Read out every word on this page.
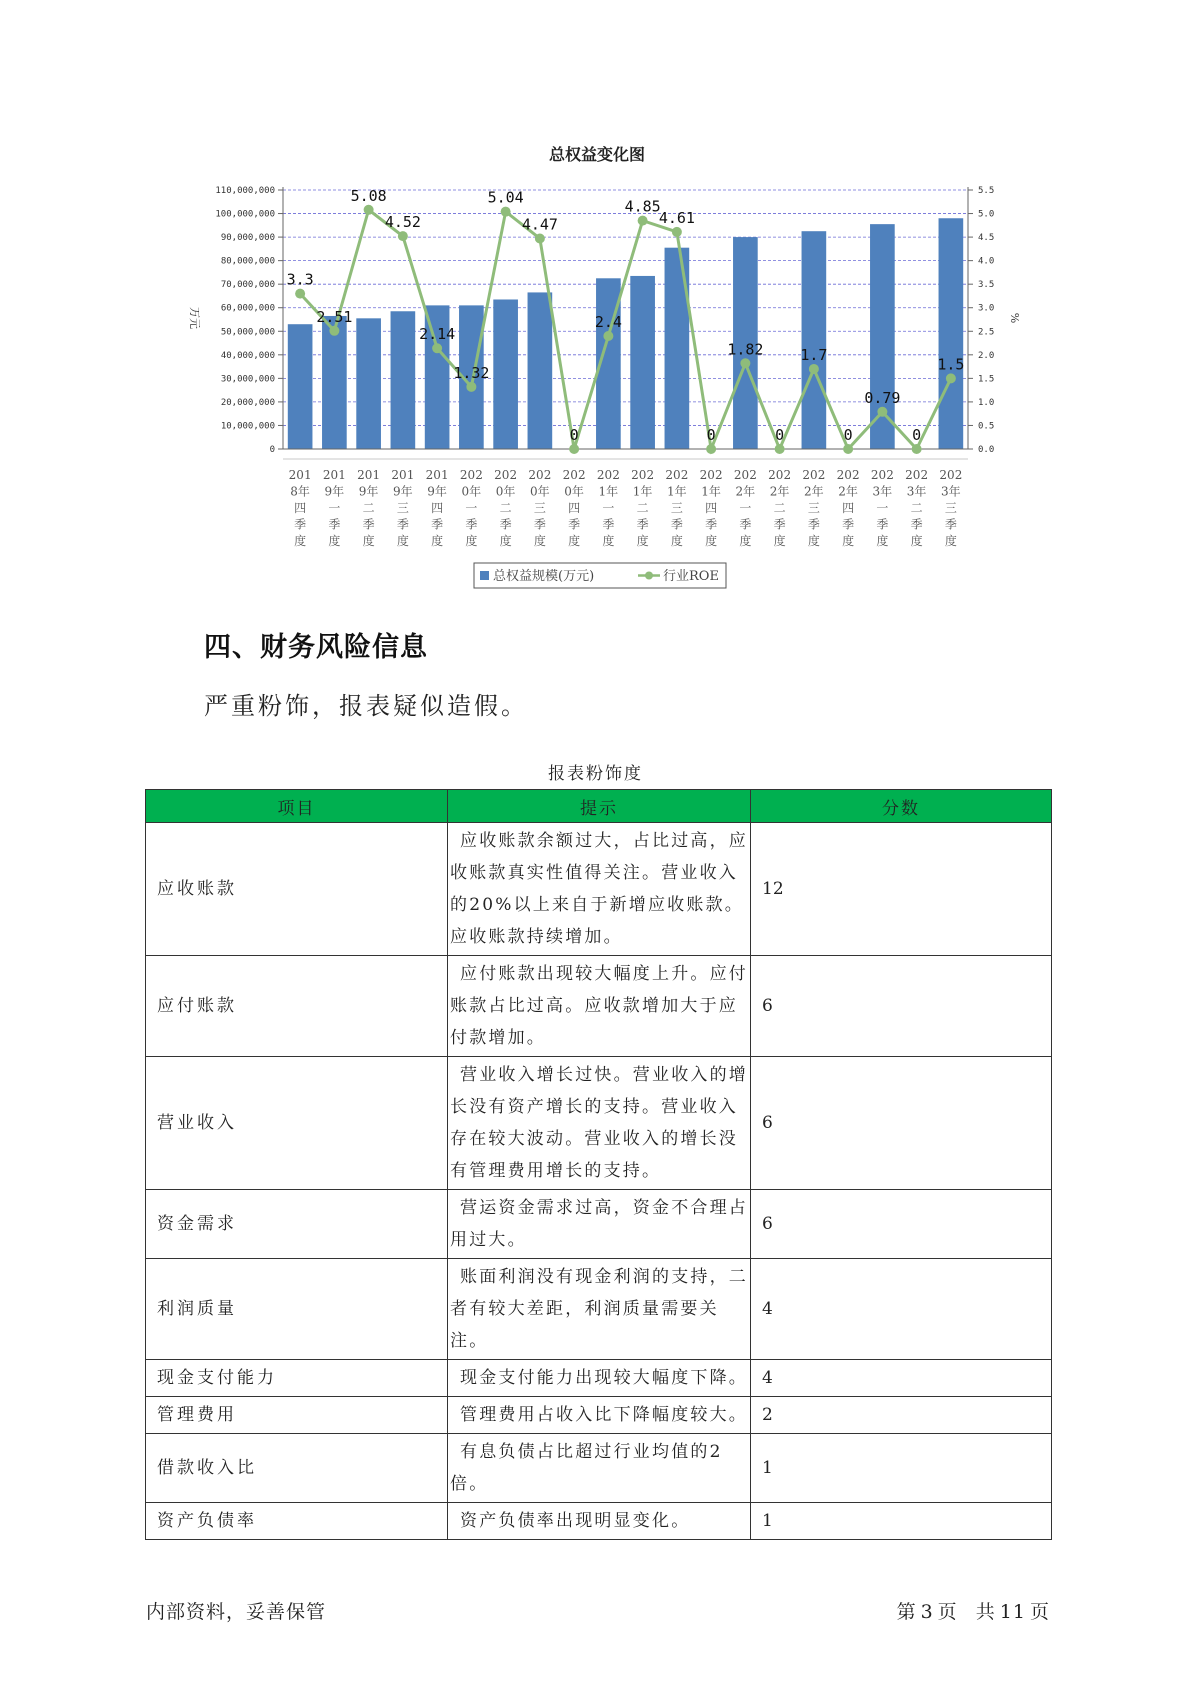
总权益变化图
0
10,000,000
20,000,000
30,000,000
40,000,000
50,000,000
60,000,000
70,000,000
80,000,000
90,000,000
100,000,000
110,000,000
0.0
0.5
1.0
1.5
2.0
2.5
3.0
3.5
4.0
4.5
5.0
5.5
万元	%
3.3
2.51
5.08
4.52
2.14
1.32
5.04
4.47
0
2.4
4.85
4.61
0
1.82
0
1.7
0
0.79
0
1.5
201
8年
四
季
度
201
9年
一
季
度
201
9年
二
季
度
201
9年
三
季
度
201
9年
四
季
度
202
0年
一
季
度
202
0年
二
季
度
202
0年
三
季
度
202
0年
四
季
度
202
1年
一
季
度
202
1年
二
季
度
202
1年
三
季
度
202
1年
四
季
度
202
2年
一
季
度
202
2年
二
季
度
202
2年
三
季
度
202
2年
四
季
度
202
3年
一
季
度
202
3年
二
季
度
202
3年
三
季
度
总权益规模(万元)	行业ROE
四、财务风险信息

严重粉饰，报表疑似造假。

报表粉饰度
项目	提示	分数
应收账款	应收账款余额过大，占比过高，应收账款真实性值得关注。营业收入的20%以上来自于新增应收账款。应收账款持续增加。	12
应付账款	应付账款出现较大幅度上升。应付账款占比过高。应收款增加大于应付款增加。	6
营业收入	营业收入增长过快。营业收入的增长没有资产增长的支持。营业收入存在较大波动。营业收入的增长没有管理费用增长的支持。	6
资金需求	营运资金需求过高，资金不合理占用过大。	6
利润质量	账面利润没有现金利润的支持，二者有较大差距，利润质量需要关注。	4
现金支付能力	现金支付能力出现较大幅度下降。	4
管理费用	管理费用占收入比下降幅度较大。	2
借款收入比	有息负债占比超过行业均值的2倍。	1
资产负债率	资产负债率出现明显变化。	1
内部资料，妥善保管	第 3 页 共 11 页
